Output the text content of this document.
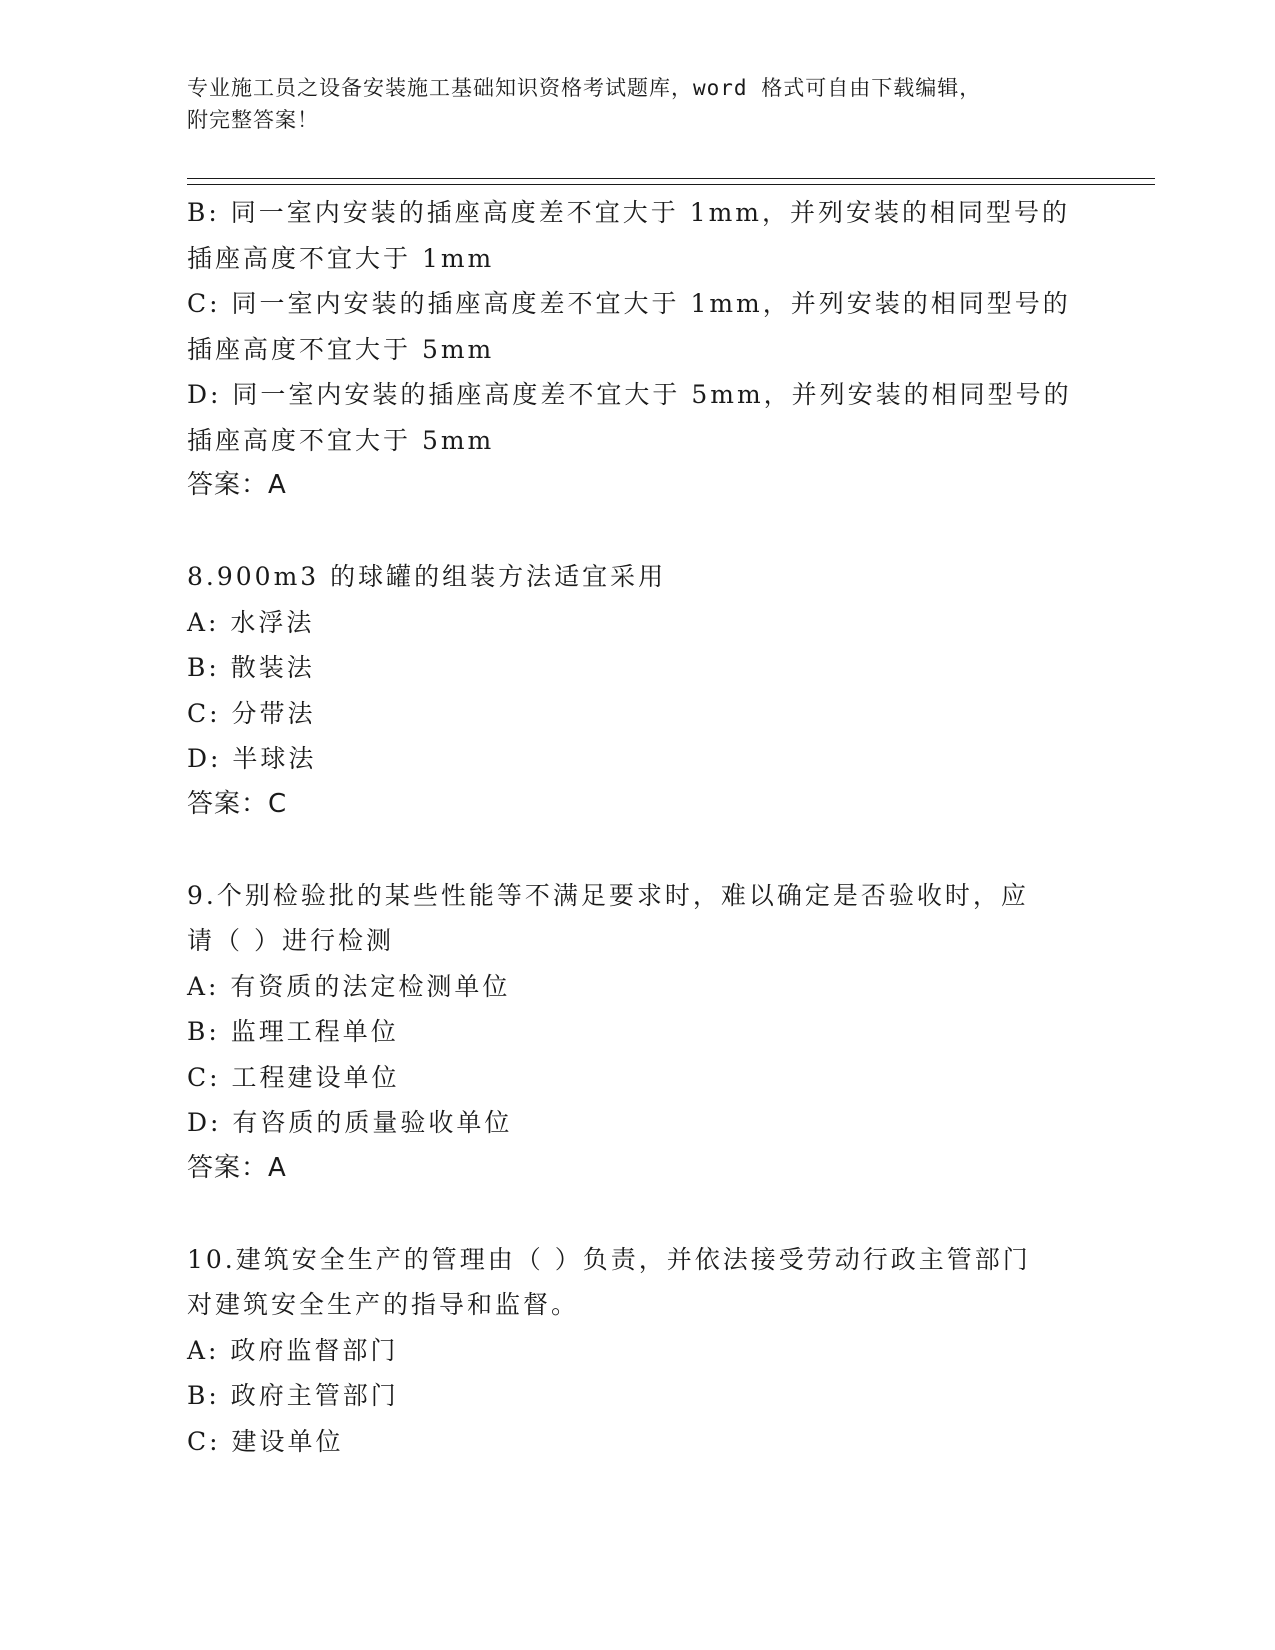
专业施工员之设备安装施工基础知识资格考试题库，word 格式可自由下载编辑，
附完整答案！
B: 同一室内安装的插座高度差不宜大于 1mm，并列安装的相同型号的
插座高度不宜大于 1mm
C: 同一室内安装的插座高度差不宜大于 1mm，并列安装的相同型号的
插座高度不宜大于 5mm
D: 同一室内安装的插座高度差不宜大于 5mm，并列安装的相同型号的
插座高度不宜大于 5mm
答案：A
8.900m3 的球罐的组装方法适宜采用
A: 水浮法
B: 散装法
C: 分带法
D: 半球法
答案：C
9.个别检验批的某些性能等不满足要求时，难以确定是否验收时，应
请（ ）进行检测
A: 有资质的法定检测单位
B: 监理工程单位
C: 工程建设单位
D: 有咨质的质量验收单位
答案：A
10.建筑安全生产的管理由（ ）负责，并依法接受劳动行政主管部门
对建筑安全生产的指导和监督。
A: 政府监督部门
B: 政府主管部门
C: 建设单位
